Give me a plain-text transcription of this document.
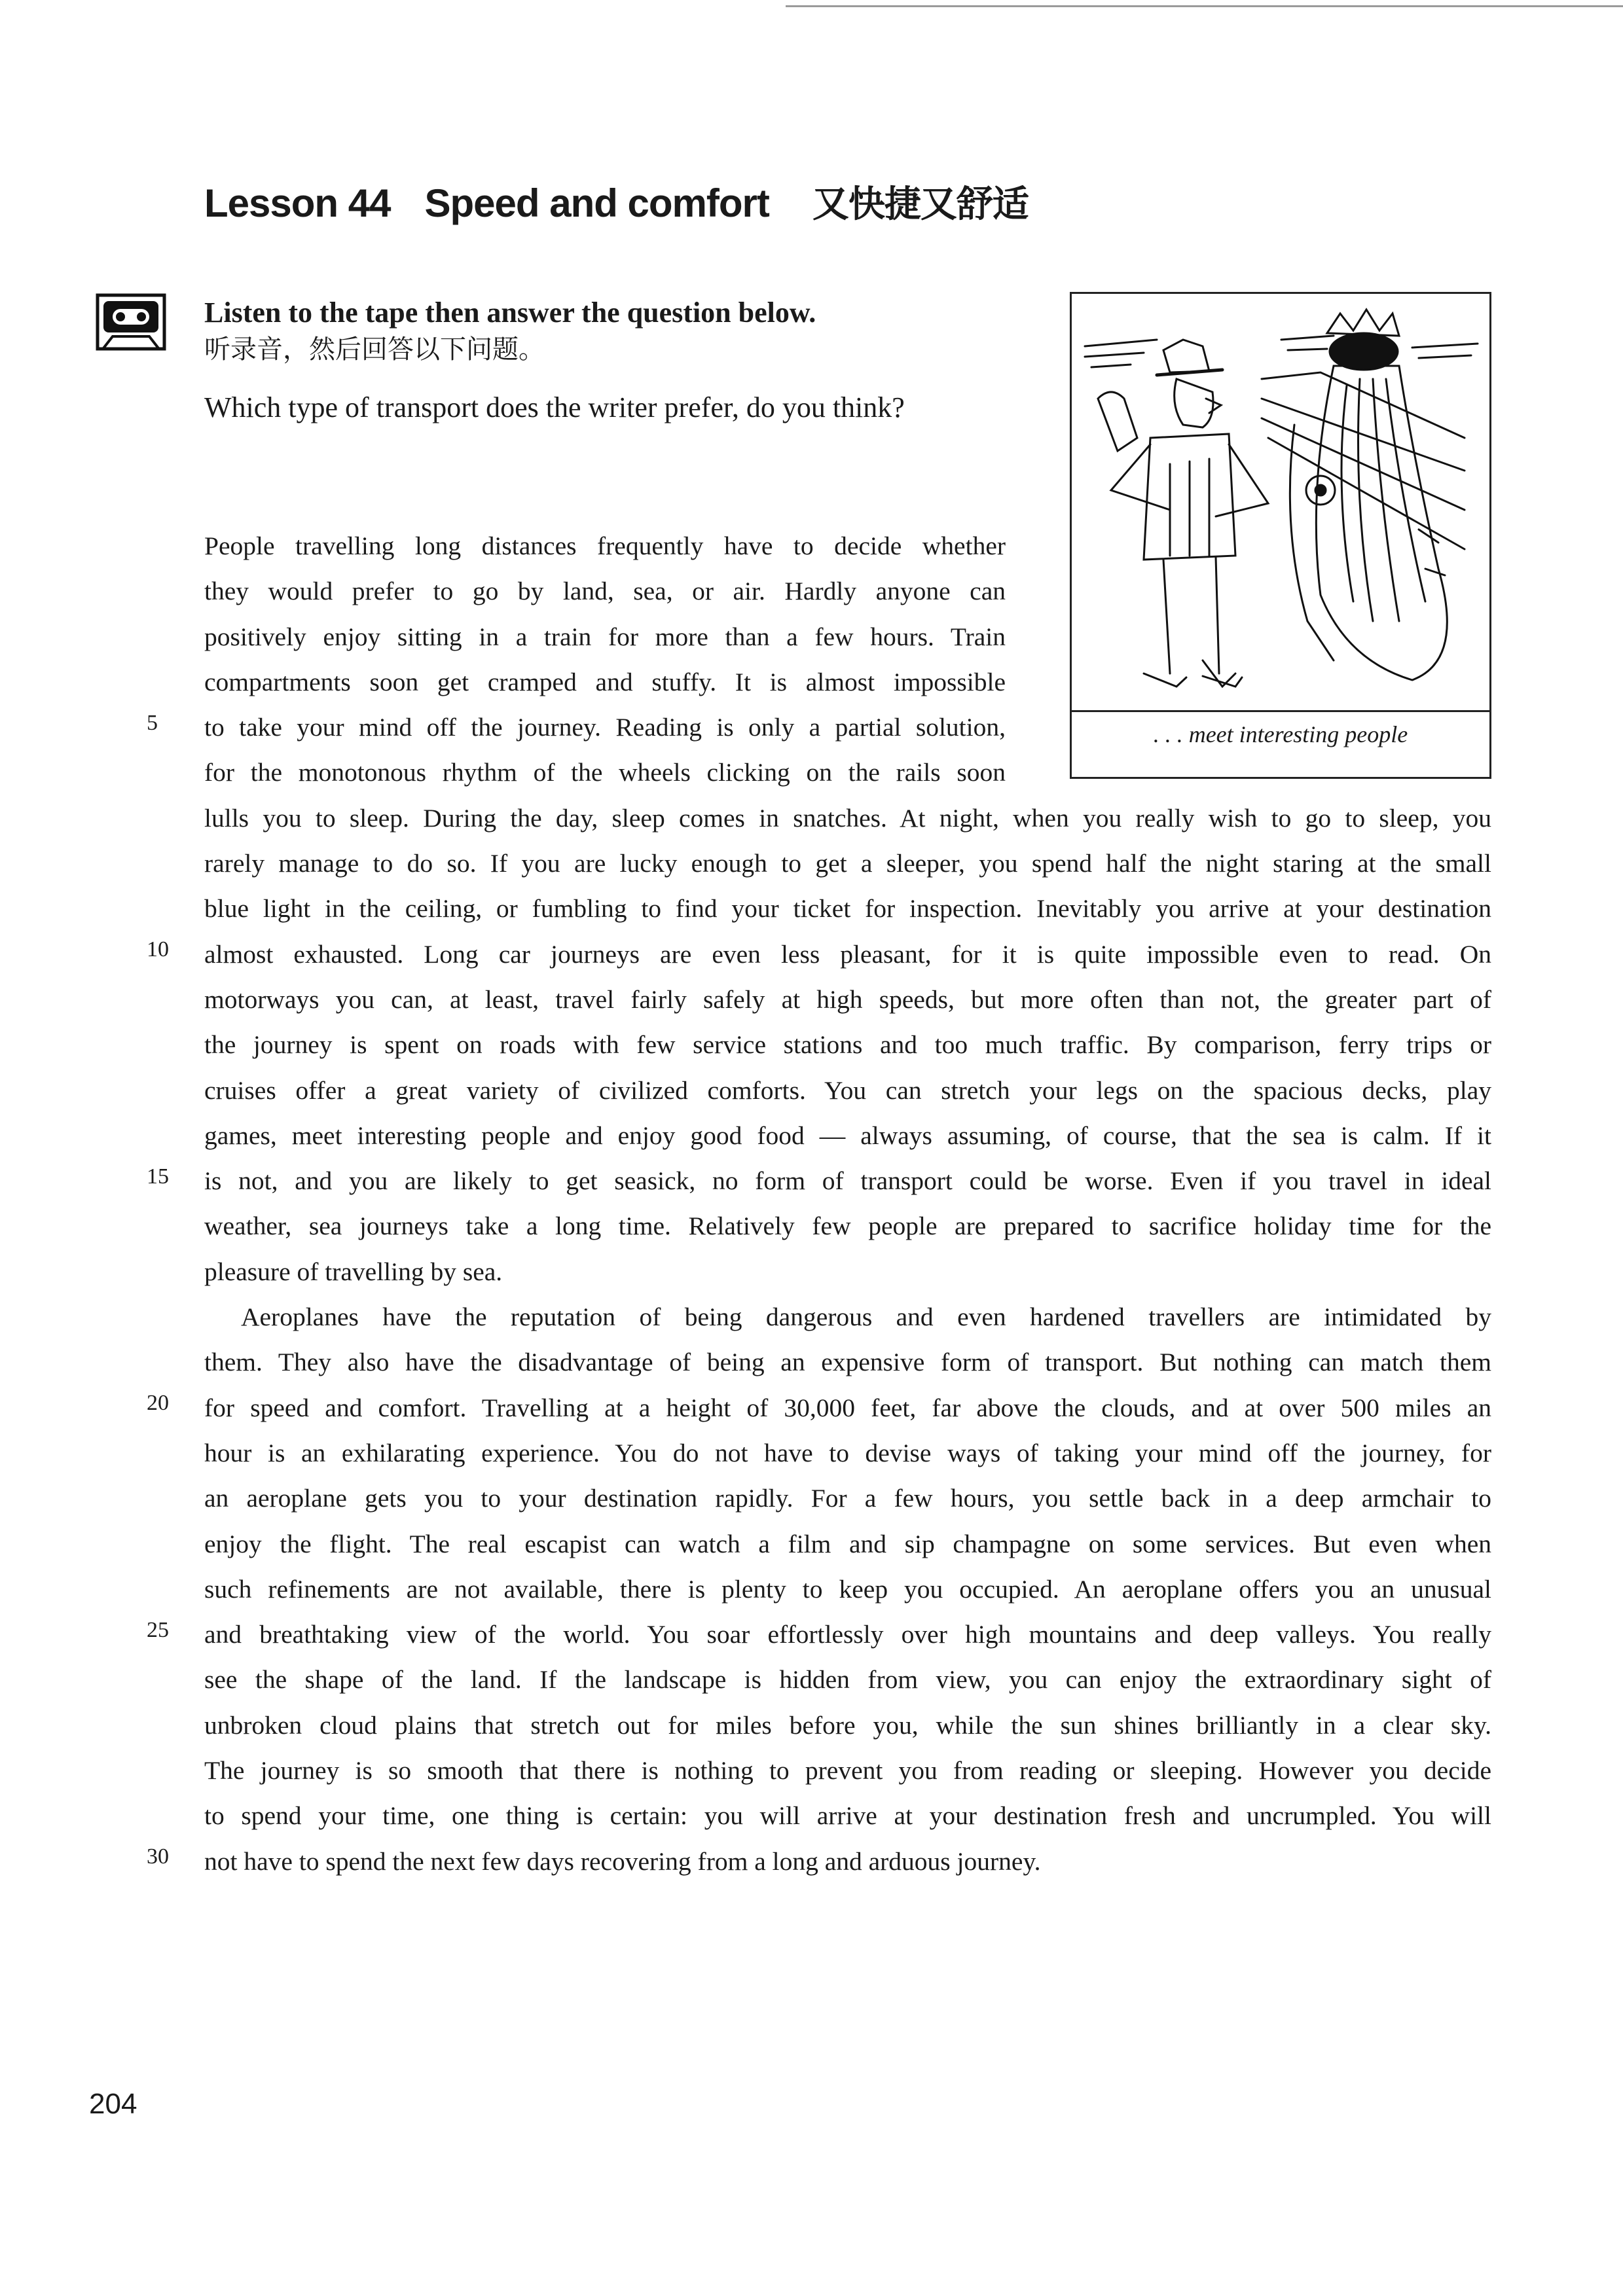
Lesson 44 Speed and comfort 又快捷又舒适
Listen to the tape then answer the question below.
听录音，然后回答以下问题。
Which type of transport does the writer prefer, do you think?
. . . meet interesting people
People travelling long distances frequently have to decide whether
they would prefer to go by land, sea, or air. Hardly anyone can
positively enjoy sitting in a train for more than a few hours. Train
compartments soon get cramped and stuffy. It is almost impossible
to take your mind off the journey. Reading is only a partial solution,
for the monotonous rhythm of the wheels clicking on the rails soon
lulls you to sleep. During the day, sleep comes in snatches. At night, when you really wish to go to sleep, you
rarely manage to do so. If you are lucky enough to get a sleeper, you spend half the night staring at the small
blue light in the ceiling, or fumbling to find your ticket for inspection. Inevitably you arrive at your destination
almost exhausted. Long car journeys are even less pleasant, for it is quite impossible even to read. On
motorways you can, at least, travel fairly safely at high speeds, but more often than not, the greater part of
the journey is spent on roads with few service stations and too much traffic. By comparison, ferry trips or
cruises offer a great variety of civilized comforts. You can stretch your legs on the spacious decks, play
games, meet interesting people and enjoy good food — always assuming, of course, that the sea is calm. If it
is not, and you are likely to get seasick, no form of transport could be worse. Even if you travel in ideal
weather, sea journeys take a long time. Relatively few people are prepared to sacrifice holiday time for the
pleasure of travelling by sea.
Aeroplanes have the reputation of being dangerous and even hardened travellers are intimidated by
them. They also have the disadvantage of being an expensive form of transport. But nothing can match them
for speed and comfort. Travelling at a height of 30,000 feet, far above the clouds, and at over 500 miles an
hour is an exhilarating experience. You do not have to devise ways of taking your mind off the journey, for
an aeroplane gets you to your destination rapidly. For a few hours, you settle back in a deep armchair to
enjoy the flight. The real escapist can watch a film and sip champagne on some services. But even when
such refinements are not available, there is plenty to keep you occupied. An aeroplane offers you an unusual
and breathtaking view of the world. You soar effortlessly over high mountains and deep valleys. You really
see the shape of the land. If the landscape is hidden from view, you can enjoy the extraordinary sight of
unbroken cloud plains that stretch out for miles before you, while the sun shines brilliantly in a clear sky.
The journey is so smooth that there is nothing to prevent you from reading or sleeping. However you decide
to spend your time, one thing is certain: you will arrive at your destination fresh and uncrumpled. You will
not have to spend the next few days recovering from a long and arduous journey.
5
10
15
20
25
30
204
